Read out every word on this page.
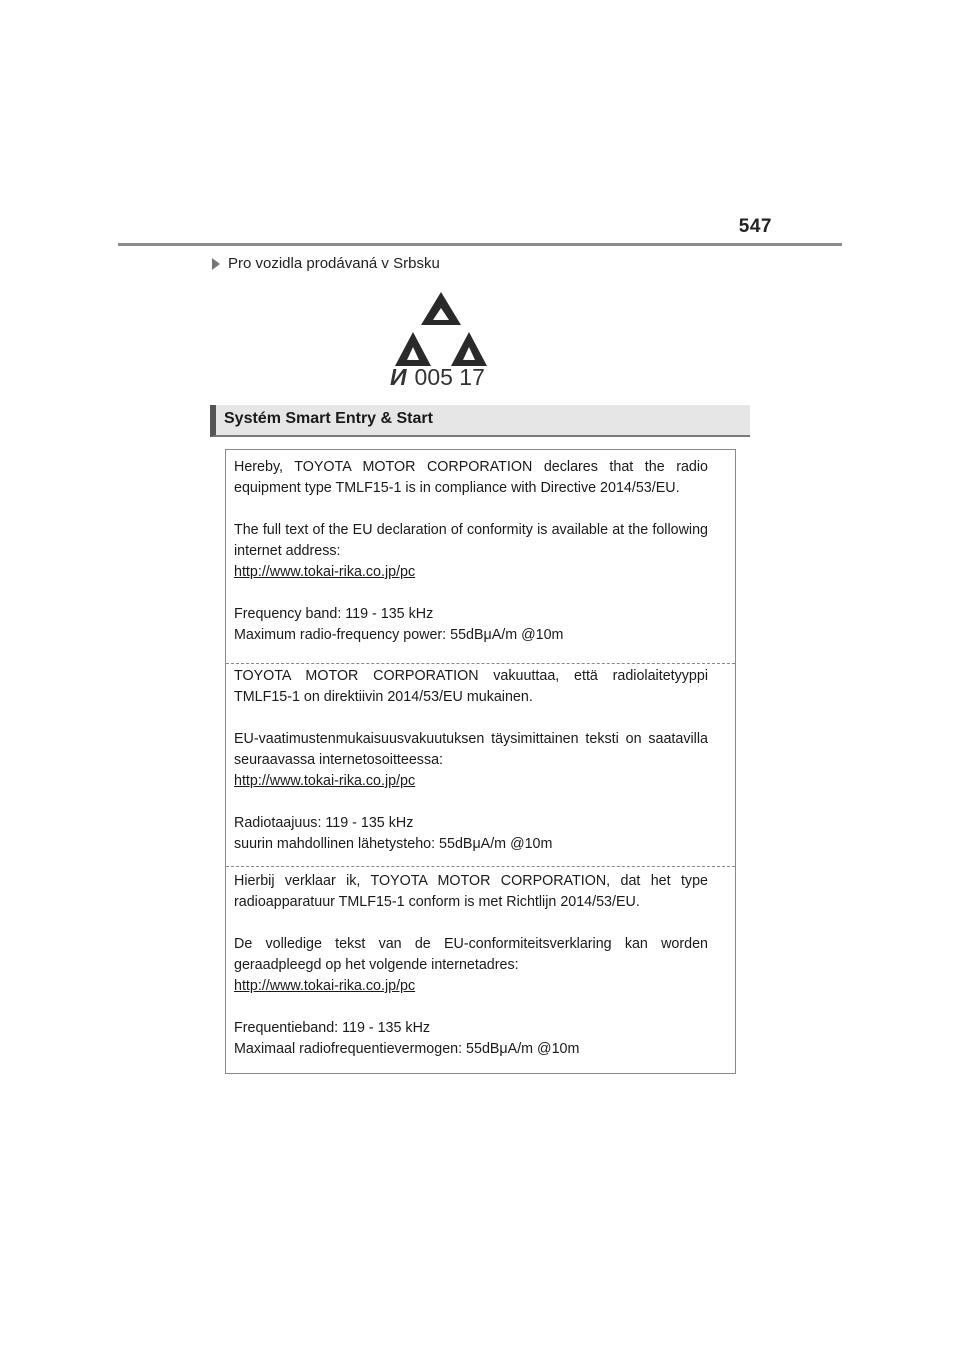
547
Pro vozidla prodávaná v Srbsku
И 005 17
Systém Smart Entry & Start

Hereby, TOYOTA MOTOR CORPORATION declares that the radio equipment type TMLF15-1 is in compliance with Directive 2014/53/EU.

The full text of the EU declaration of conformity is available at the following internet address:

http://www.tokai-rika.co.jp/pc

Frequency band: 119 - 135 kHz

Maximum radio-frequency power: 55dBμA/m @10m

TOYOTA MOTOR CORPORATION vakuuttaa, että radiolaitetyyppi TMLF15-1 on direktiivin 2014/53/EU mukainen.

EU-vaatimustenmukaisuusvakuutuksen täysimittainen teksti on saatavilla seuraavassa internetosoitteessa:

http://www.tokai-rika.co.jp/pc

Radiotaajuus: 119 - 135 kHz

suurin mahdollinen lähetysteho: 55dBμA/m @10m

Hierbij verklaar ik, TOYOTA MOTOR CORPORATION, dat het type radioapparatuur TMLF15-1 conform is met Richtlijn 2014/53/EU.

De volledige tekst van de EU-conformiteitsverklaring kan worden geraadpleegd op het volgende internetadres:

http://www.tokai-rika.co.jp/pc

Frequentieband: 119 - 135 kHz

Maximaal radiofrequentievermogen: 55dBμA/m @10m
